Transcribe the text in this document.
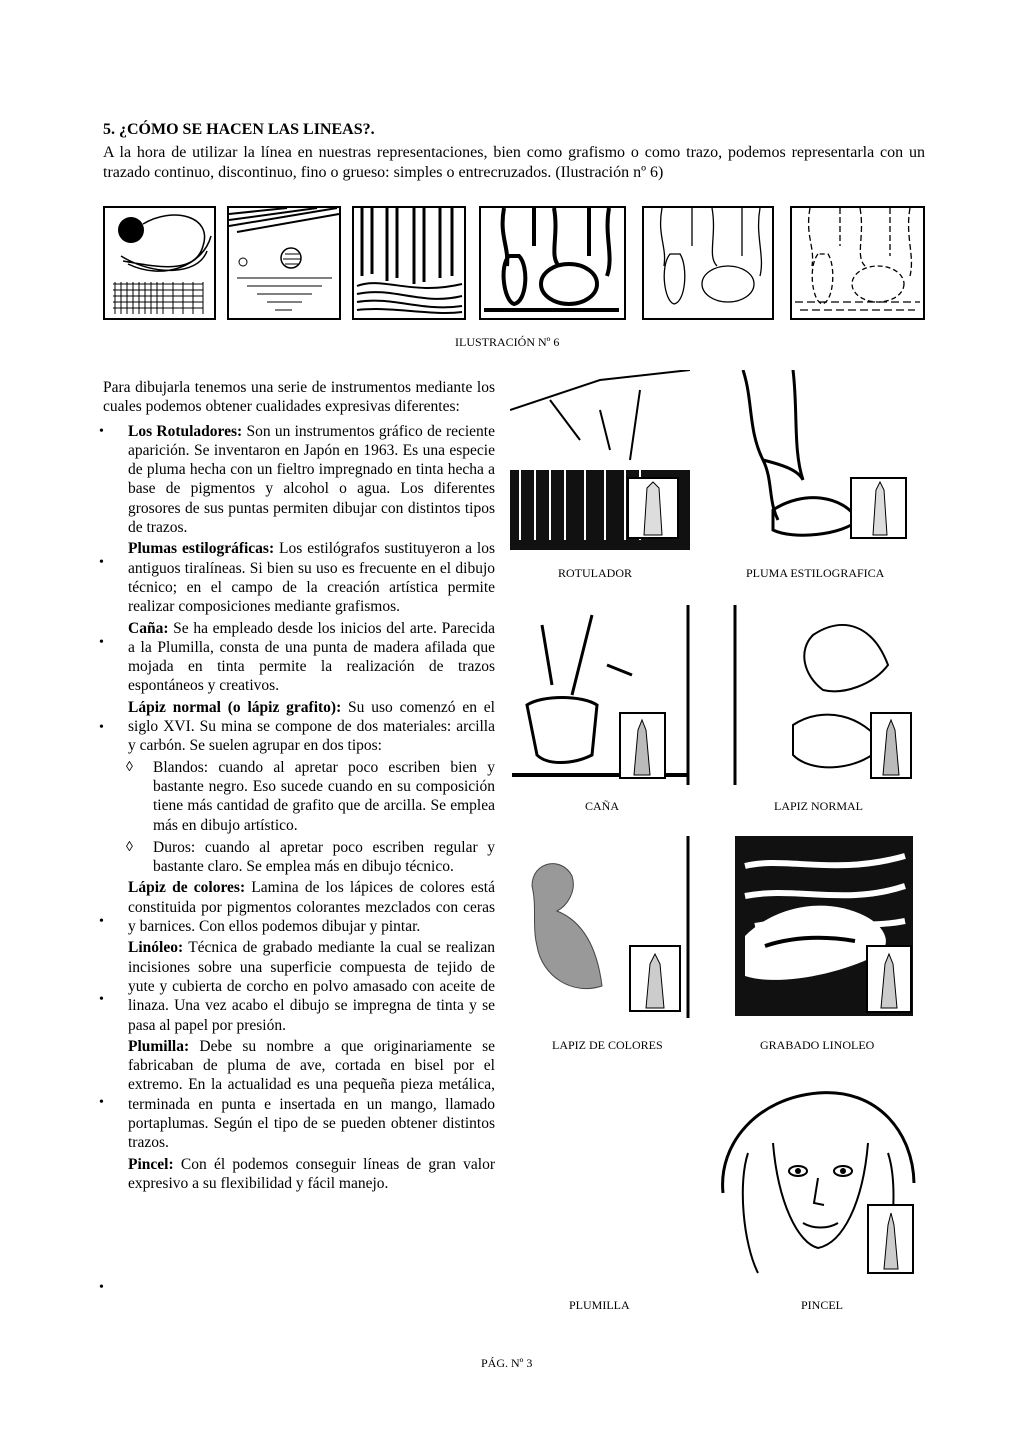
5. ¿CÓMO SE HACEN LAS LINEAS?.
A la hora de utilizar la línea en nuestras representaciones, bien como grafismo o como trazo, podemos representarla con un trazado continuo, discontinuo, fino o grueso: simples o entrecruzados. (Ilustración nº 6)
ILUSTRACIÓN Nº 6

Para dibujarla tenemos una serie de instrumentos mediante los cuales podemos obtener cualidades expresivas diferentes:

• Los Rotuladores: Son un instrumentos gráfico de reciente aparición. Se inventaron en Japón en 1963. Es una especie de pluma hecha con un fieltro impregnado en tinta hecha a base de pigmentos y alcohol o agua. Los diferentes grosores de sus puntas permiten dibujar con distintos tipos de trazos.
•
Plumas estilográficas: Los estilógrafos sustituyeron a los antiguos tiralíneas. Si bien su uso es frecuente en el dibujo técnico; en el campo de la creación artística permite realizar composiciones mediante grafismos.
•
Caña: Se ha empleado desde los inicios del arte. Parecida a la Plumilla, consta de una punta de madera afilada que mojada en tinta permite la realización de trazos espontáneos y creativos.
•
Lápiz normal (o lápiz grafito): Su uso comenzó en el siglo XVI. Su mina se compone de dos materiales: arcilla y carbón. Se suelen agrupar en dos tipos:
◊ Blandos: cuando al apretar poco escriben bien y bastante negro. Eso sucede cuando en su composición tiene más cantidad de grafito que de arcilla. Se emplea más en dibujo artístico.
◊ Duros: cuando al apretar poco escriben regular y bastante claro. Se emplea más en dibujo técnico.
•
Lápiz de colores: Lamina de los lápices de colores está constituida por pigmentos colorantes mezclados con ceras y barnices. Con ellos podemos dibujar y pintar.
•
Linóleo: Técnica de grabado mediante la cual se realizan incisiones sobre una superficie compuesta de tejido de yute y cubierta de corcho en polvo amasado con aceite de linaza. Una vez acabo el dibujo se impregna de tinta y se pasa al papel por presión.
•
Plumilla: Debe su nombre a que originariamente se fabricaban de pluma de ave, cortada en bisel por el extremo. En la actualidad es una pequeña pieza metálica, terminada en punta e insertada en un mango, llamado portaplumas. Según el tipo de se pueden obtener distintos trazos.
Pincel: Con él podemos conseguir líneas de gran valor expresivo a su flexibilidad y fácil manejo.
•
ROTULADOR	PLUMA ESTILOGRAFICA
CAÑA	LAPIZ NORMAL
LAPIZ DE COLORES	GRABADO LINOLEO
PLUMILLA	PINCEL
PÁG. Nº 3
